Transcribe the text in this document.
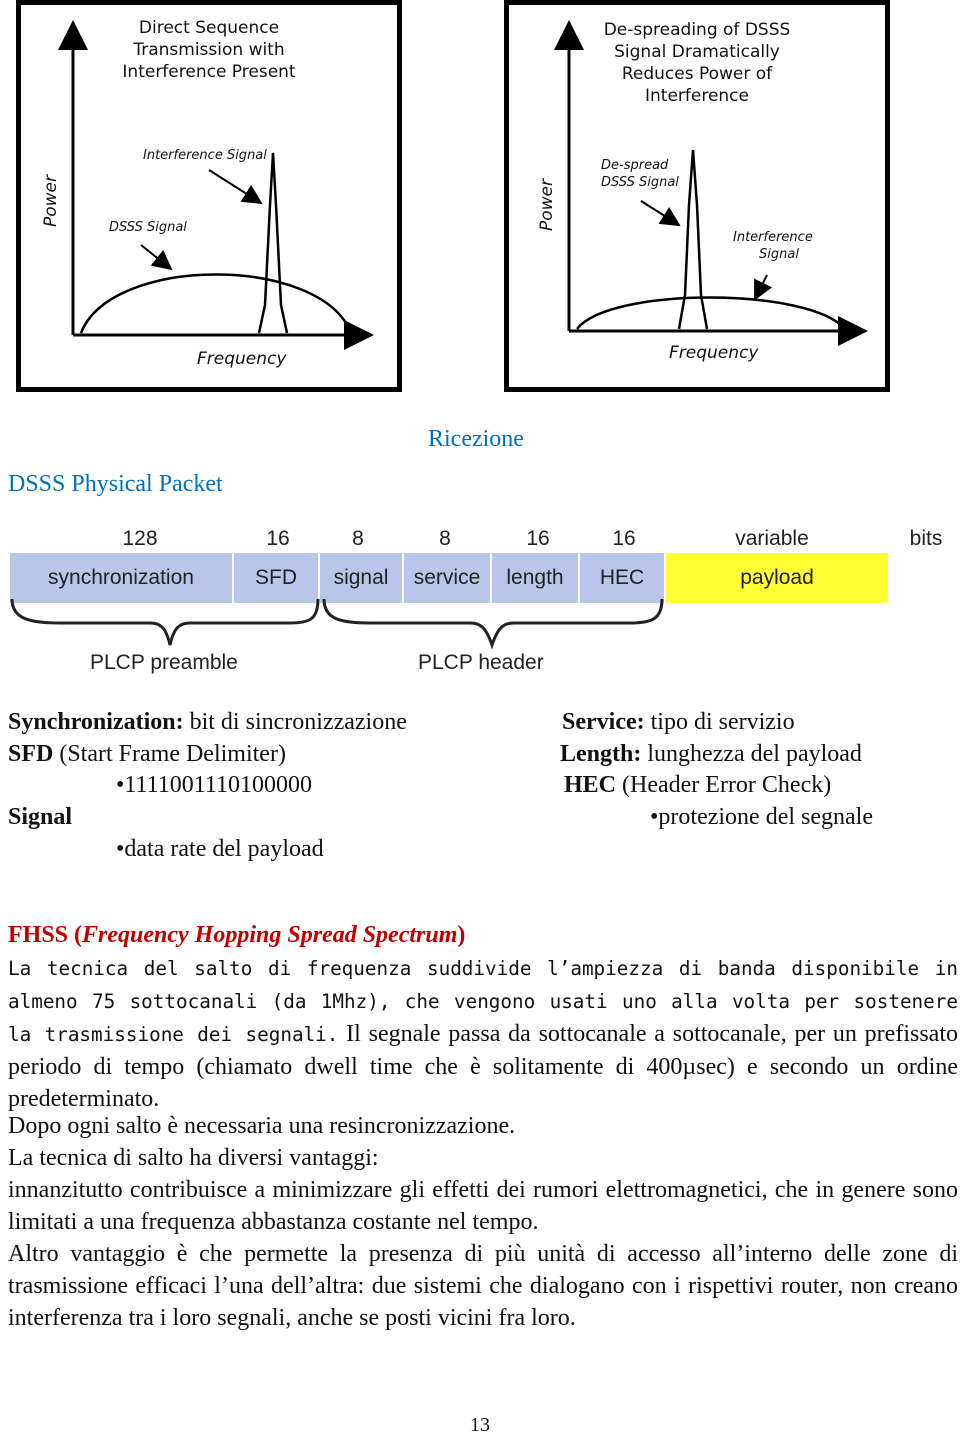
Direct Sequence
Transmission with
Interference Present
Interference Signal
DSSS Signal
Power
Frequency
De-spreading of DSSS
Signal Dramatically
Reduces Power of
Interference
De-spread
DSSS Signal
Interference
Signal
Power
Frequency
Ricezione
DSSS Physical Packet
128	16	8	8	16	16	variable	bits
synchronization	SFD	signal	service	length	HEC	payload
PLCP preamble	PLCP header
Synchronization: bit di sincronizzazione
SFD (Start Frame Delimiter)
•1111001110100000
Signal
•data rate del payload
Service: tipo di servizio
Length: lunghezza del payload
HEC (Header Error Check)
•protezione del segnale
FHSS (Frequency Hopping Spread Spectrum)
La tecnica del salto di frequenza suddivide l’ampiezza di banda disponibile in almeno 75 sottocanali (da 1Mhz), che vengono usati uno alla volta per sostenere la trasmissione dei segnali. Il segnale passa da sottocanale a sottocanale, per un prefissato periodo di tempo (chiamato dwell time che è solitamente di 400µsec) e secondo un ordine predeterminato.
Dopo ogni salto è necessaria una resincronizzazione.
La tecnica di salto ha diversi vantaggi:
innanzitutto contribuisce a minimizzare gli effetti dei rumori elettromagnetici, che in genere sono limitati a una frequenza abbastanza costante nel tempo.
Altro vantaggio è che permette la presenza di più unità di accesso all’interno delle zone di trasmissione efficaci l’una dell’altra: due sistemi che dialogano con i rispettivi router, non creano interferenza tra i loro segnali, anche se posti vicini fra loro.
13
